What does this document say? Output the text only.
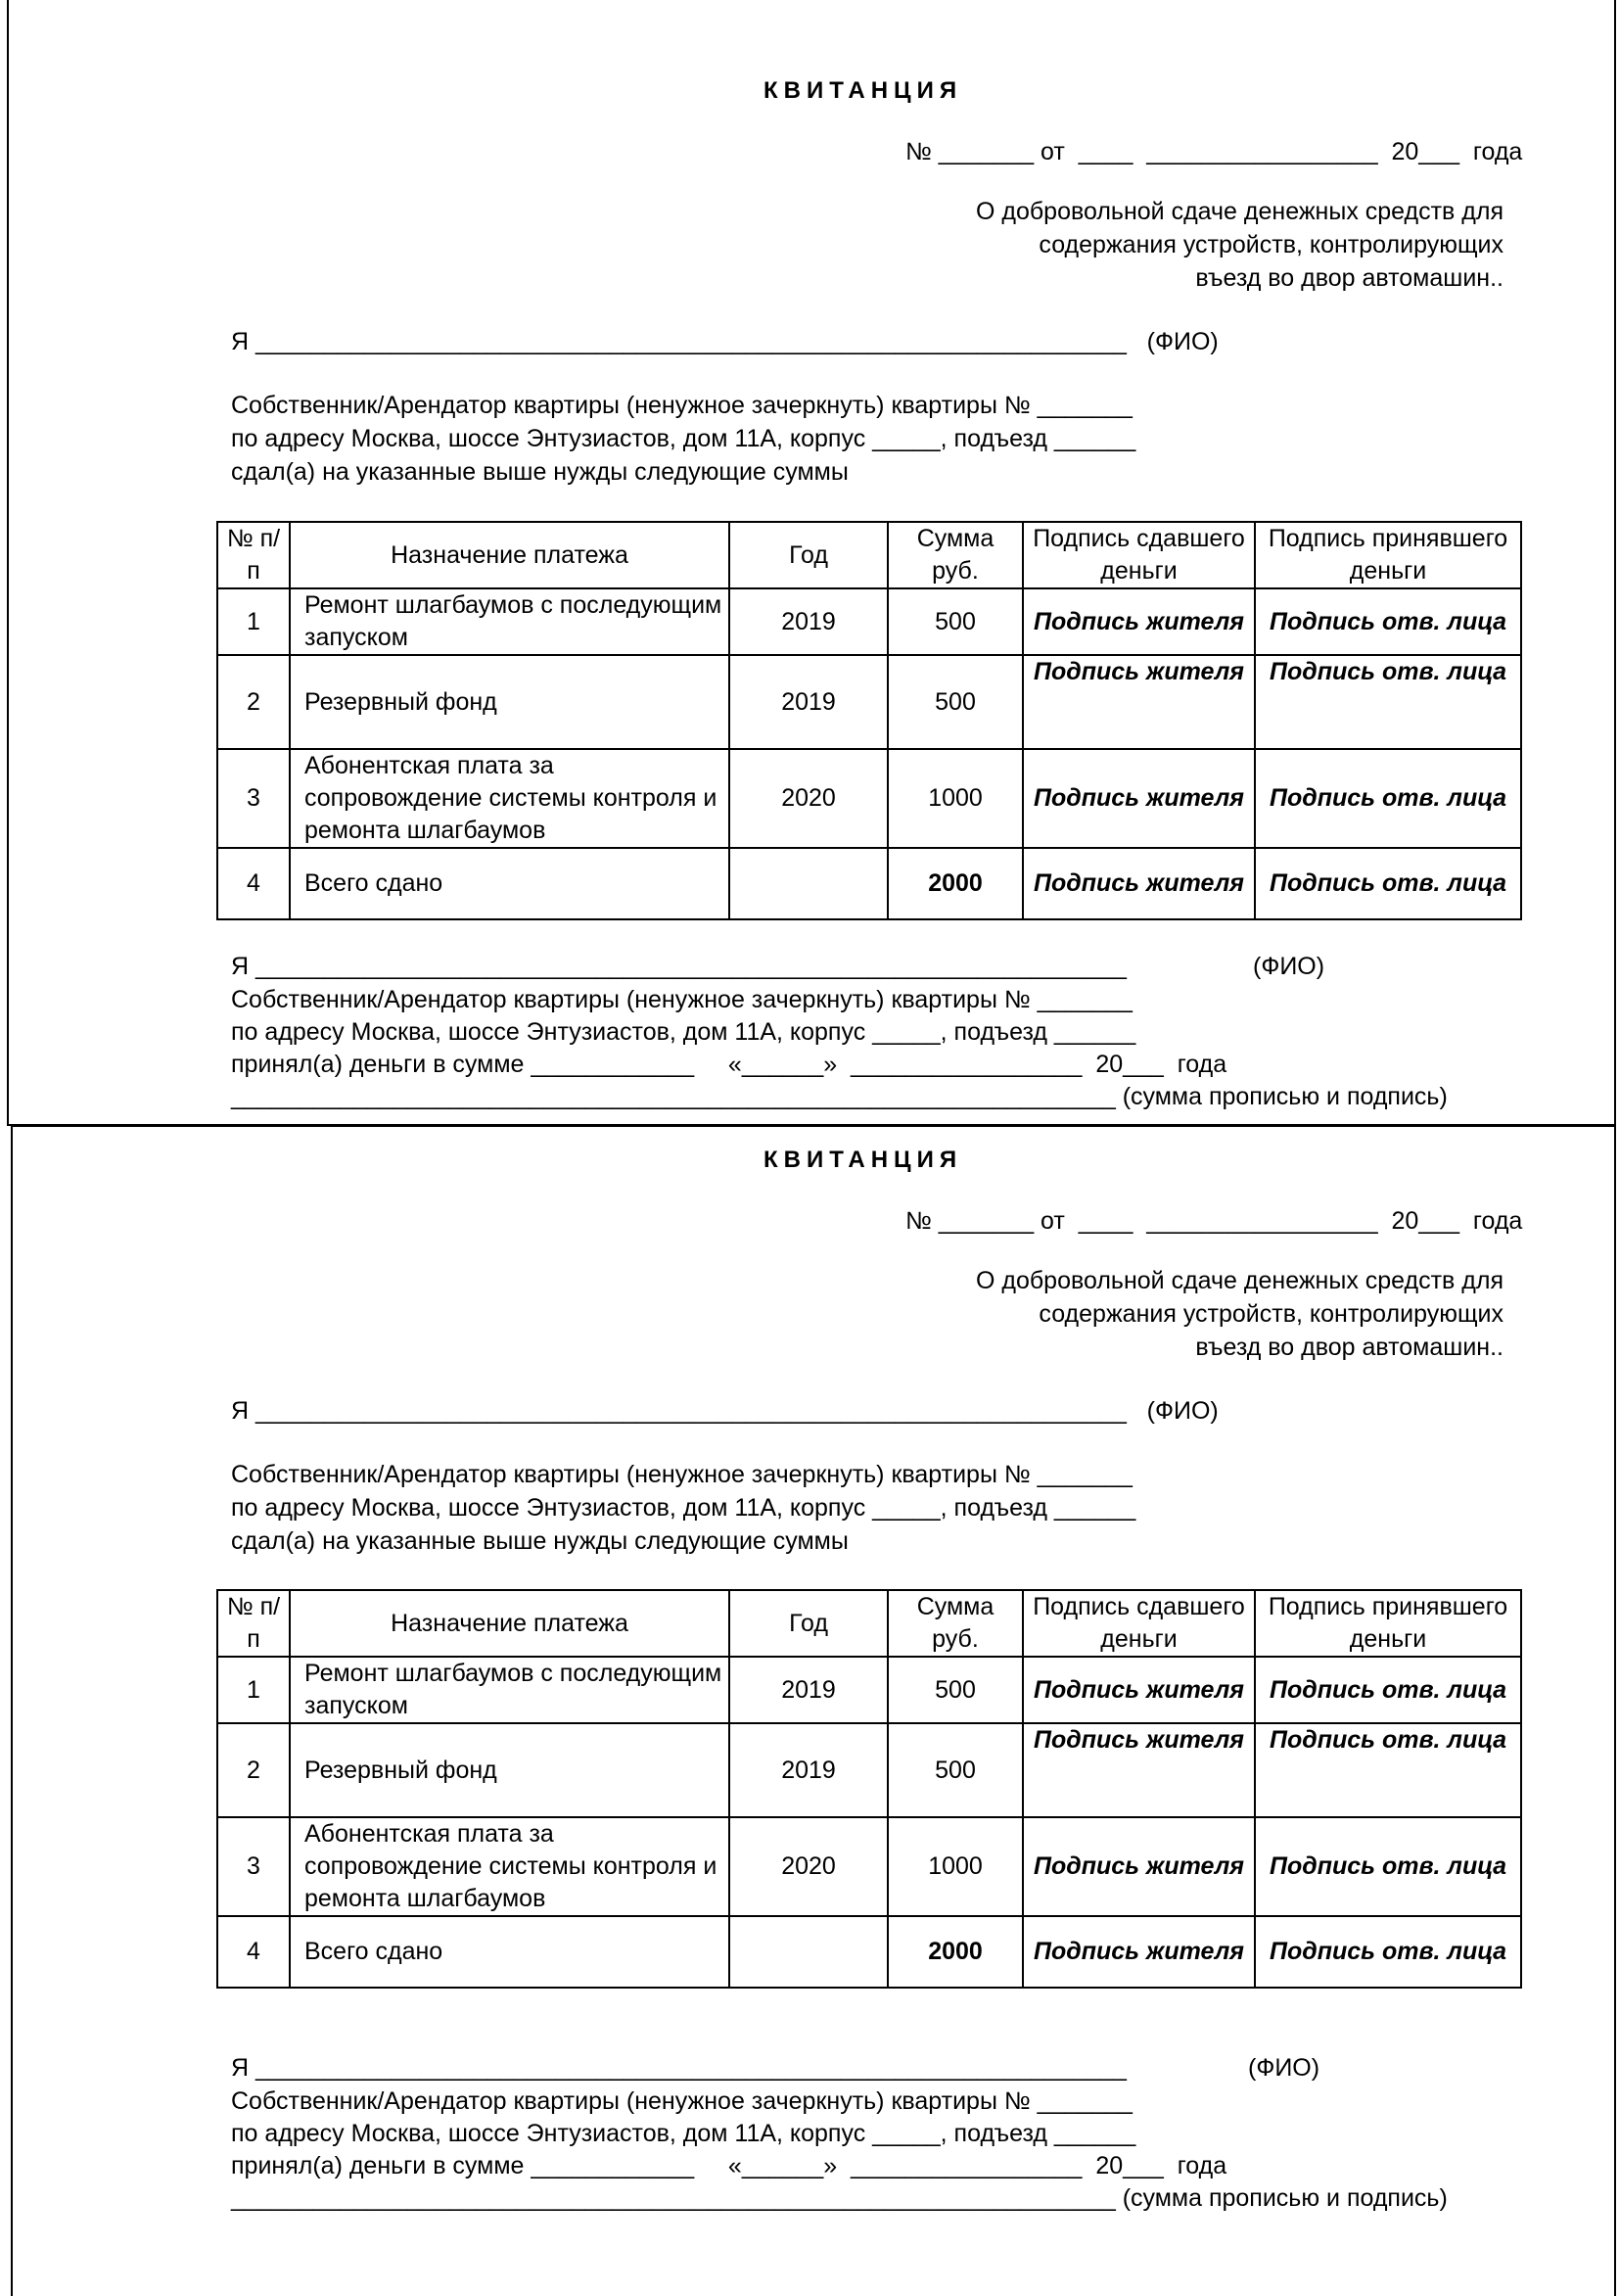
КВИТАНЦИЯ
№ _______ от  ____  _________________  20___  года
О добровольной сдаче денежных средств для
содержания устройств, контролирующих
въезд во двор автомашин..
Я ________________________________________________________________   (ФИО)
Собственник/Арендатор квартиры (ненужное зачеркнуть) квартиры № _______
по адресу Москва, шоссе Энтузиастов, дом 11А, корпус _____, подъезд ______
сдал(а) на указанные выше нужды следующие суммы
№ п/п	Назначение платежа	Год	Сумма руб.	Подпись сдавшего деньги	Подпись принявшего деньги
1	Ремонт шлагбаумов с последующим запуском	2019	500	Подпись жителя	Подпись отв. лица
2	Резервный фонд	2019	500	Подпись жителя	Подпись отв. лица
3	Абонентская плата за сопровождение системы контроля и ремонта шлагбаумов	2020	1000	Подпись жителя	Подпись отв. лица
4	Всего сдано		2000	Подпись жителя	Подпись отв. лица
Я ________________________________________________________________	(ФИО)
Собственник/Арендатор квартиры (ненужное зачеркнуть) квартиры № _______
по адресу Москва, шоссе Энтузиастов, дом 11А, корпус _____, подъезд ______
принял(а) деньги в сумме ____________     «______»  _________________  20___  года
_________________________________________________________________ (сумма прописью и подпись)
КВИТАНЦИЯ
№ _______ от  ____  _________________  20___  года
О добровольной сдаче денежных средств для
содержания устройств, контролирующих
въезд во двор автомашин..
Я ________________________________________________________________   (ФИО)
Собственник/Арендатор квартиры (ненужное зачеркнуть) квартиры № _______
по адресу Москва, шоссе Энтузиастов, дом 11А, корпус _____, подъезд ______
сдал(а) на указанные выше нужды следующие суммы
№ п/п	Назначение платежа	Год	Сумма руб.	Подпись сдавшего деньги	Подпись принявшего деньги
1	Ремонт шлагбаумов с последующим запуском	2019	500	Подпись жителя	Подпись отв. лица
2	Резервный фонд	2019	500	Подпись жителя	Подпись отв. лица
3	Абонентская плата за сопровождение системы контроля и ремонта шлагбаумов	2020	1000	Подпись жителя	Подпись отв. лица
4	Всего сдано		2000	Подпись жителя	Подпись отв. лица
Я ________________________________________________________________	(ФИО)
Собственник/Арендатор квартиры (ненужное зачеркнуть) квартиры № _______
по адресу Москва, шоссе Энтузиастов, дом 11А, корпус _____, подъезд ______
принял(а) деньги в сумме ____________     «______»  _________________  20___  года
_________________________________________________________________ (сумма прописью и подпись)
